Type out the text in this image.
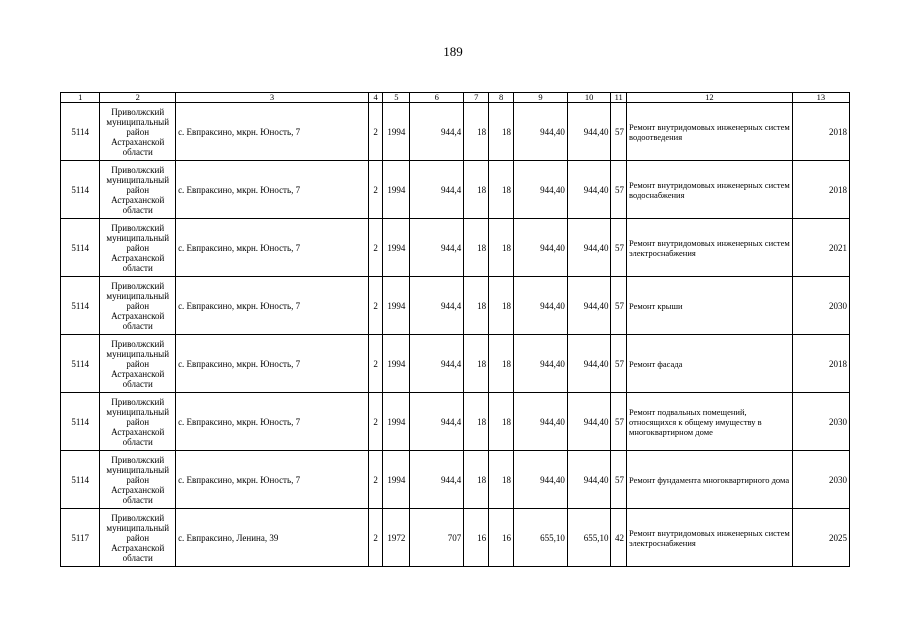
189
1	2	3	4	5	6	7	8	9	10	11	12	13
5114	Приволжский муниципальный район Астраханской области	с. Евпраксино, мкрн. Юность, 7	2	1994	944,4	18	18	944,40	944,40	57	Ремонт внутридомовых инженерных систем водоотведения	2018
5114	Приволжский муниципальный район Астраханской области	с. Евпраксино, мкрн. Юность, 7	2	1994	944,4	18	18	944,40	944,40	57	Ремонт внутридомовых инженерных систем водоснабжения	2018
5114	Приволжский муниципальный район Астраханской области	с. Евпраксино, мкрн. Юность, 7	2	1994	944,4	18	18	944,40	944,40	57	Ремонт внутридомовых инженерных систем электроснабжения	2021
5114	Приволжский муниципальный район Астраханской области	с. Евпраксино, мкрн. Юность, 7	2	1994	944,4	18	18	944,40	944,40	57	Ремонт крыши	2030
5114	Приволжский муниципальный район Астраханской области	с. Евпраксино, мкрн. Юность, 7	2	1994	944,4	18	18	944,40	944,40	57	Ремонт фасада	2018
5114	Приволжский муниципальный район Астраханской области	с. Евпраксино, мкрн. Юность, 7	2	1994	944,4	18	18	944,40	944,40	57	Ремонт подвальных помещений, относящихся к общему имуществу в многоквартирном доме	2030
5114	Приволжский муниципальный район Астраханской области	с. Евпраксино, мкрн. Юность, 7	2	1994	944,4	18	18	944,40	944,40	57	Ремонт фундамента многоквартирного дома	2030
5117	Приволжский муниципальный район Астраханской области	с. Евпраксино, Ленина, 39	2	1972	707	16	16	655,10	655,10	42	Ремонт внутридомовых инженерных систем электроснабжения	2025
